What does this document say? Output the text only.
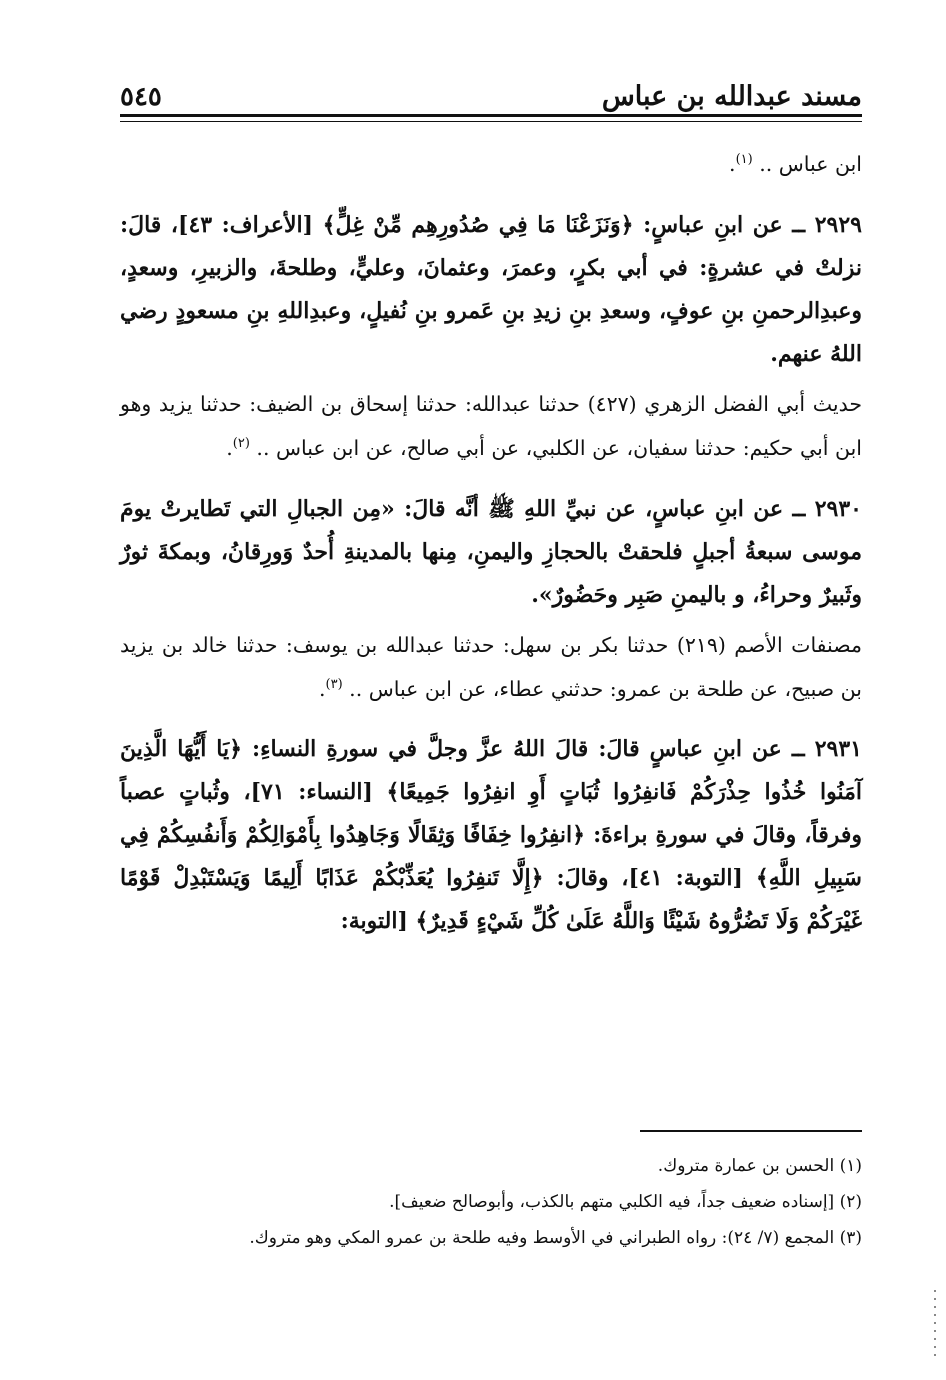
مسند عبدالله بن عباس
٥٤٥

ابن عباس .. $^{(١)}$.

٢٩٢٩ ــ عن ابنِ عباسٍ: ﴿وَنَزَعْنَا مَا فِي صُدُورِهِم مِّنْ غِلٍّ﴾ [الأعراف: ٤٣]، قالَ: نزلتْ في عشرةٍ: في أبي بكرٍ، وعمرَ، وعثمانَ، وعليٍّ، وطلحةَ، والزبيرِ، وسعدٍ، وعبدِالرحمنِ بنِ عوفٍ، وسعدِ بنِ زيدِ بنِ عَمرو بنِ نُفيلٍ، وعبدِاللهِ بنِ مسعودٍ رضي اللهُ عنهم.

حديث أبي الفضل الزهري (٤٢٧) حدثنا عبدالله: حدثنا إسحاق بن الضيف: حدثنا يزيد وهو ابن أبي حكيم: حدثنا سفيان، عن الكلبي، عن أبي صالح، عن ابن عباس .. $^{(٢)}$.

٢٩٣٠ ــ عن ابنِ عباسٍ، عن نبيِّ اللهِ ﷺ أنَّه قالَ: «مِن الجبالِ التي تَطايرتْ يومَ موسى سبعةُ أجبلٍ فلحقتْ بالحجازِ واليمنِ، مِنها بالمدينةِ أُحدٌ وَورِقانُ، وبمكةَ ثورٌ وثَبيرٌ وحراءُ، و باليمنِ صَبِر وحَضُورٌ».

مصنفات الأصم (٢١٩) حدثنا بكر بن سهل: حدثنا عبدالله بن يوسف: حدثنا خالد بن يزيد بن صبيح، عن طلحة بن عمرو: حدثني عطاء، عن ابن عباس .. $^{(٣)}$.

٢٩٣١ ــ عن ابنِ عباسٍ قالَ: قالَ اللهُ عزَّ وجلَّ في سورةِ النساءِ: ﴿يَا أَيُّهَا الَّذِينَ آمَنُوا خُذُوا حِذْرَكُمْ فَانفِرُوا ثُبَاتٍ أَوِ انفِرُوا جَمِيعًا﴾ [النساء: ٧١]، وثُباتٍ عصباً وفرقاً، وقالَ في سورةِ براءةَ: ﴿انفِرُوا خِفَافًا وَثِقَالًا وَجَاهِدُوا بِأَمْوَالِكُمْ وَأَنفُسِكُمْ فِي سَبِيلِ اللَّهِ﴾ [التوبة: ٤١]، وقالَ: ﴿إِلَّا تَنفِرُوا يُعَذِّبْكُمْ عَذَابًا أَلِيمًا وَيَسْتَبْدِلْ قَوْمًا غَيْرَكُمْ وَلَا تَضُرُّوهُ شَيْئًا وَاللَّهُ عَلَىٰ كُلِّ شَيْءٍ قَدِيرٌ﴾ [التوبة:

(١) الحسن بن عمارة متروك.

(٢) [إسناده ضعيف جداً، فيه الكلبي متهم بالكذب، وأبوصالح ضعيف].

(٣) المجمع (٧/ ٢٤): رواه الطبراني في الأوسط وفيه طلحة بن عمرو المكي وهو متروك.
